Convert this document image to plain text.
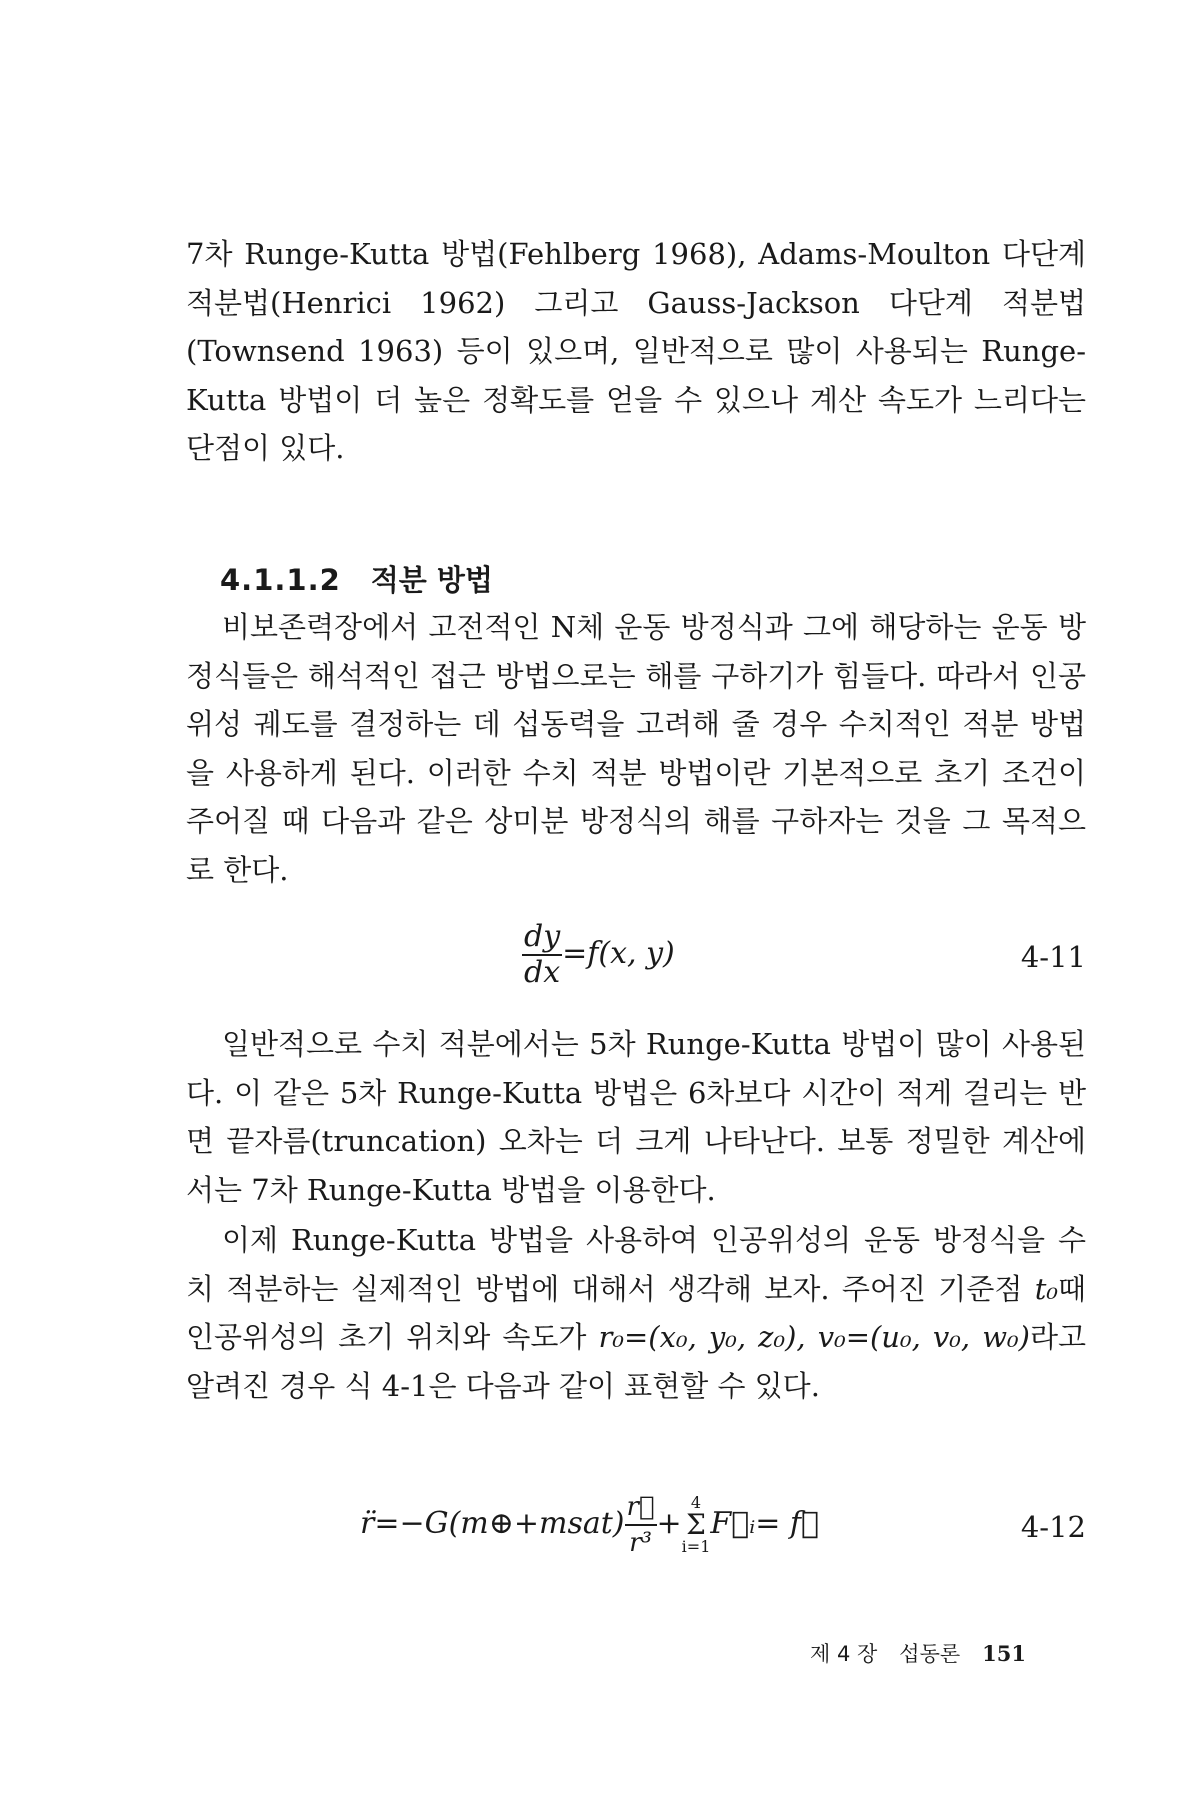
7차 Runge-Kutta 방법(Fehlberg 1968), Adams-Moulton 다단계 적분법(Henrici 1962) 그리고 Gauss-Jackson 다단계 적분법 (Townsend 1963) 등이 있으며, 일반적으로 많이 사용되는 Runge-Kutta 방법이 더 높은 정확도를 얻을 수 있으나 계산 속도가 느리다는 단점이 있다.

4.1.1.2 적분 방법

비보존력장에서 고전적인 N체 운동 방정식과 그에 해당하는 운동 방정식들은 해석적인 접근 방법으로는 해를 구하기가 힘들다. 따라서 인공위성 궤도를 결정하는 데 섭동력을 고려해 줄 경우 수치적인 적분 방법을 사용하게 된다. 이러한 수치 적분 방법이란 기본적으로 초기 조건이 주어질 때 다음과 같은 상미분 방정식의 해를 구하자는 것을 그 목적으로 한다.

$\frac{dy}{dx} =f(x$, y)	4-11

일반적으로 수치 적분에서는 5차 Runge-Kutta 방법이 많이 사용된다. 이 같은 5차 Runge-Kutta 방법은 6차보다 시간이 적게 걸리는 반면 끝자름(truncation) 오차는 더 크게 나타난다. 보통 정밀한 계산에서는 7차 Runge-Kutta 방법을 이용한다.

이제 Runge-Kutta 방법을 사용하여 인공위성의 운동 방정식을 수치 적분하는 실제적인 방법에 대해서 생각해 보자. 주어진 기준점 t₀때 인공위성의 초기 위치와 속도가 r₀=(x₀, y₀, z₀), v₀=(u₀, v₀, w₀)라고 알려진 경우 식 4-1은 다음과 같이 표현할 수 있다.

r̈=−G(m⊕+msat) $\frac{r⃗}{\text{r³}}$ +
4
Σ
i=1
F⃗ᵢ= f⃗	4-12
제 4 장 섭동론 151
